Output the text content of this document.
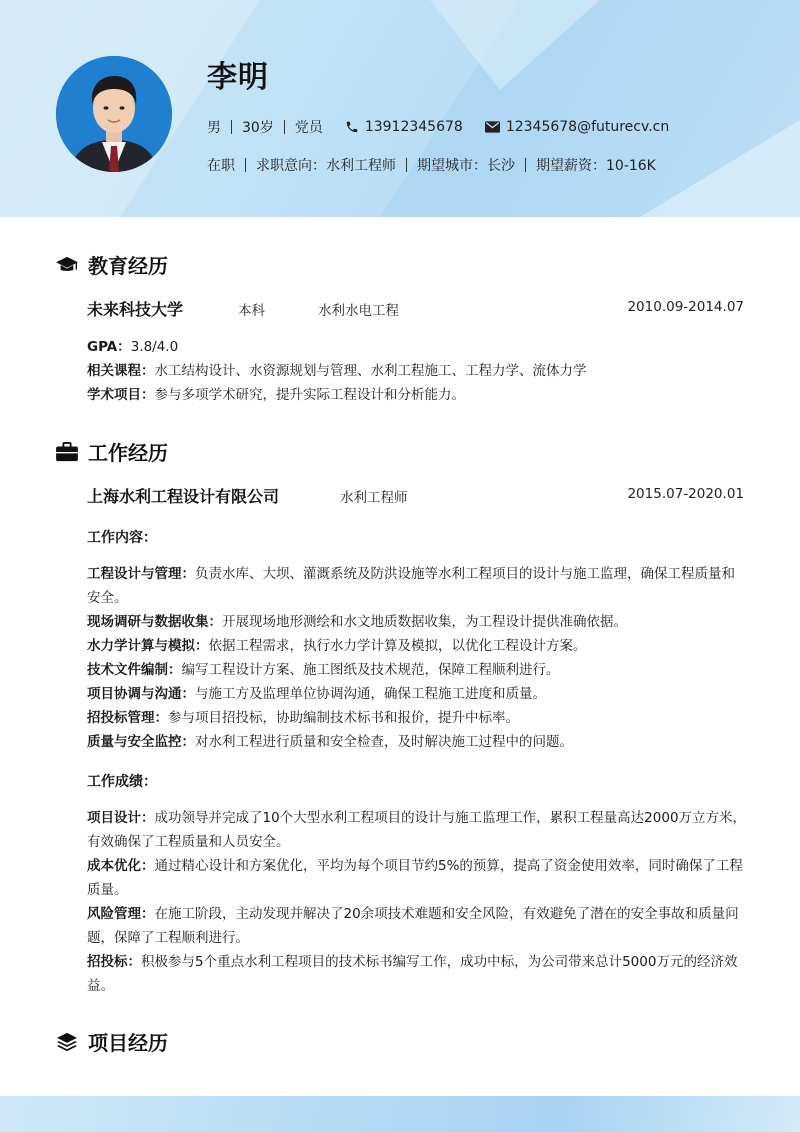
李明
男 30岁 党员	13912345678	12345678@futurecv.cn
在职 求职意向：水利工程师 期望城市：长沙 期望薪资：10-16K
教育经历
未来科技大学	本科	水利水电工程	2010.09-2014.07
GPA：3.8/4.0
相关课程：水工结构设计、水资源规划与管理、水利工程施工、工程力学、流体力学
学术项目：参与多项学术研究，提升实际工程设计和分析能力。
工作经历
上海水利工程设计有限公司	水利工程师	2015.07-2020.01
工作内容：
工程设计与管理：负责水库、大坝、灌溉系统及防洪设施等水利工程项目的设计与施工监理，确保工程质量和安全。
现场调研与数据收集：开展现场地形测绘和水文地质数据收集，为工程设计提供准确依据。
水力学计算与模拟：依据工程需求，执行水力学计算及模拟，以优化工程设计方案。
技术文件编制：编写工程设计方案、施工图纸及技术规范，保障工程顺利进行。
项目协调与沟通：与施工方及监理单位协调沟通，确保工程施工进度和质量。
招投标管理：参与项目招投标，协助编制技术标书和报价，提升中标率。
质量与安全监控：对水利工程进行质量和安全检查，及时解决施工过程中的问题。
工作成绩：
项目设计：成功领导并完成了10个大型水利工程项目的设计与施工监理工作，累积工程量高达2000万立方米，有效确保了工程质量和人员安全。
成本优化：通过精心设计和方案优化，平均为每个项目节约5%的预算，提高了资金使用效率，同时确保了工程质量。
风险管理：在施工阶段，主动发现并解决了20余项技术难题和安全风险，有效避免了潜在的安全事故和质量问题，保障了工程顺利进行。
招投标：积极参与5个重点水利工程项目的技术标书编写工作，成功中标，为公司带来总计5000万元的经济效益。
项目经历
